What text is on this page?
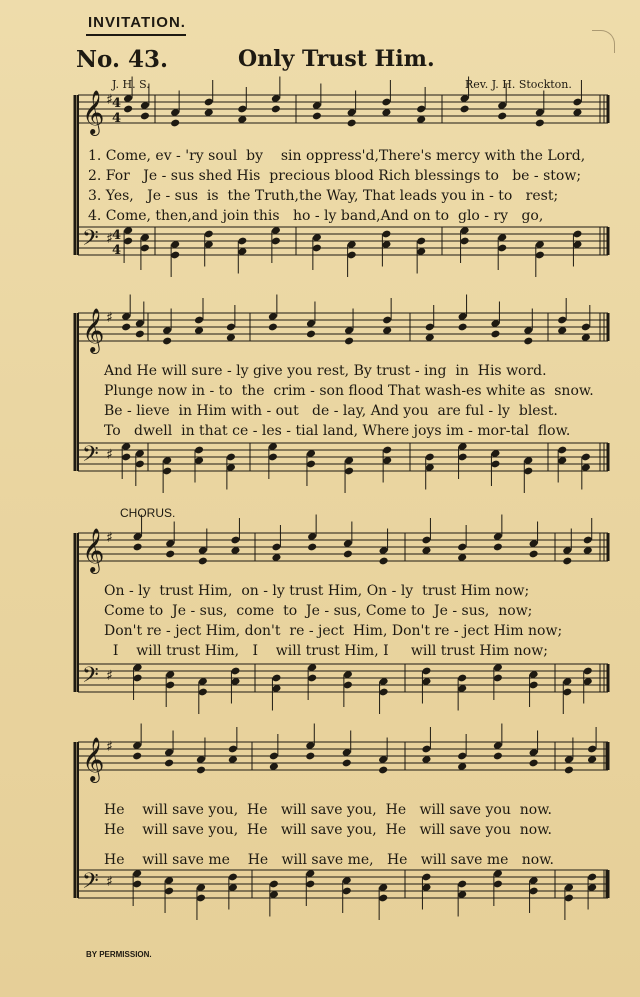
INVITATION.
No. 43.	Only Trust Him.
J. H. S.	Rev. J. H. Stockton.
𝄞 ♯
𝄢 ♯
𝄞 ♯
𝄢 ♯
𝄞 ♯
𝄢 ♯
𝄞 ♯
𝄢 ♯
4
4
4
4
1. Come, ev - 'ry soul  by    sin oppress'd,There's mercy with the Lord,
2. For   Je - sus shed His  precious blood Rich blessings to   be - stow;
3. Yes,   Je - sus  is  the Truth,the Way, That leads you in - to   rest;
4. Come, then,and join this   ho - ly band,And on to  glo - ry   go,
And He will sure - ly give you rest, By trust - ing  in  His word.
Plunge now in - to  the  crim - son flood That wash-es white as  snow.
Be - lieve  in Him with - out   de - lay, And you  are ful - ly  blest.
To   dwell  in that ce - les - tial land, Where joys im - mor-tal  flow.
CHORUS.
On - ly  trust Him,  on - ly trust Him, On - ly  trust Him now;
Come to  Je - sus,  come  to  Je - sus, Come to  Je - sus,  now;
Don't re - ject Him, don't  re - ject  Him, Don't re - ject Him now;
I    will trust Him,   I    will trust Him, I     will trust Him now;
He    will save you,  He   will save you,  He   will save you  now.
He    will save you,  He   will save you,  He   will save you  now.
He    will save me    He   will save me,   He   will save me   now.
BY PERMISSION.
